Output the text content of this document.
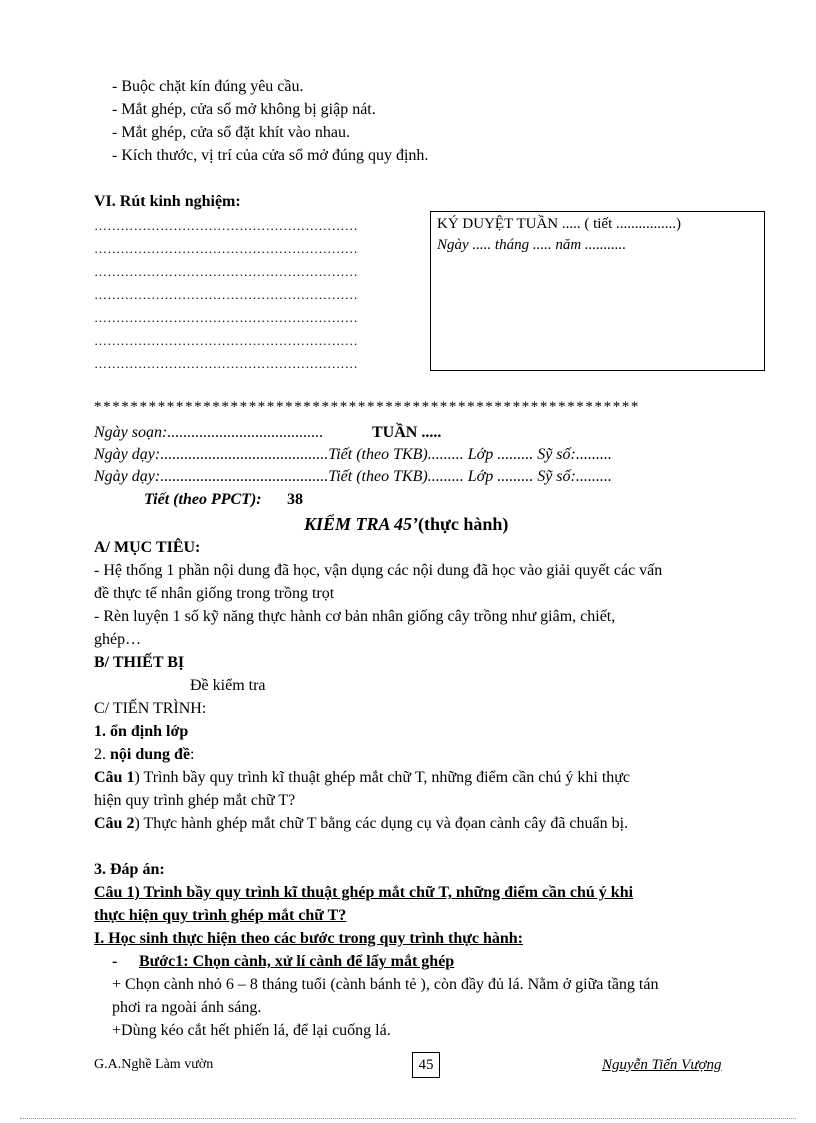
- Buộc chặt kín đúng yêu cầu.
- Mắt ghép, cửa sổ mở không bị giập nát.
- Mắt ghép, cửa sổ đặt khít vào nhau.
- Kích thước, vị trí của cửa sổ mở đúng quy định.
VI. Rút kinh nghiệm:
……………………………………………………
……………………………………………………
……………………………………………………
……………………………………………………
……………………………………………………
……………………………………………………
……………………………………………………
KÝ DUYỆT TUẦN ..... ( tiết ................)
Ngày ..... tháng ..... năm ...........
************************************************************
Ngày soạn:.......................................	TUẦN .....
Ngày dạy:..........................................Tiết (theo TKB)......... Lớp ......... Sỹ số:.........
Ngày dạy:..........................................Tiết (theo TKB)......... Lớp ......... Sỹ số:.........
Tiết (theo PPCT): 38
KIỂM TRA 45’(thực hành)
A/ MỤC TIÊU:
- Hệ thống 1 phần nội dung đã học, vận dụng các nội dung đã học vào giải quyết các vấn
đề thực tế nhân giống trong trồng trọt
- Rèn luyện 1 số kỹ năng thực hành cơ bản nhân giống cây trồng như giâm, chiết,
ghép…
B/ THIẾT BỊ
Đề kiểm tra
C/ TIẾN TRÌNH:
1. ổn định lớp
2. nội dung đề:
Câu 1) Trình bầy quy trình kĩ thuật ghép mắt chữ T, những điểm cần chú ý khi thực
hiện quy trình ghép mắt chữ T?
Câu 2) Thực hành ghép mắt chữ T bằng các dụng cụ và đọan cành cây đã chuẩn bị.
3. Đáp án:
Câu 1) Trình bầy quy trình kĩ thuật ghép mắt chữ T, những điểm cần chú ý khi
thực hiện quy trình ghép mắt chữ T?
I. Học sinh thực hiện theo các bước trong quy trình thực hành:
- Bước1: Chọn cành, xử lí cành để lấy mắt ghép
+ Chọn cành nhỏ 6 – 8 tháng tuổi (cành bánh tẻ ), còn đầy đủ lá. Nằm ở giữa tầng tán
phơi ra ngoài ánh sáng.
+Dùng kéo cắt hết phiến lá, để lại cuống lá.
G.A.Nghề Làm vườn	45	Nguyễn Tiến Vượng
